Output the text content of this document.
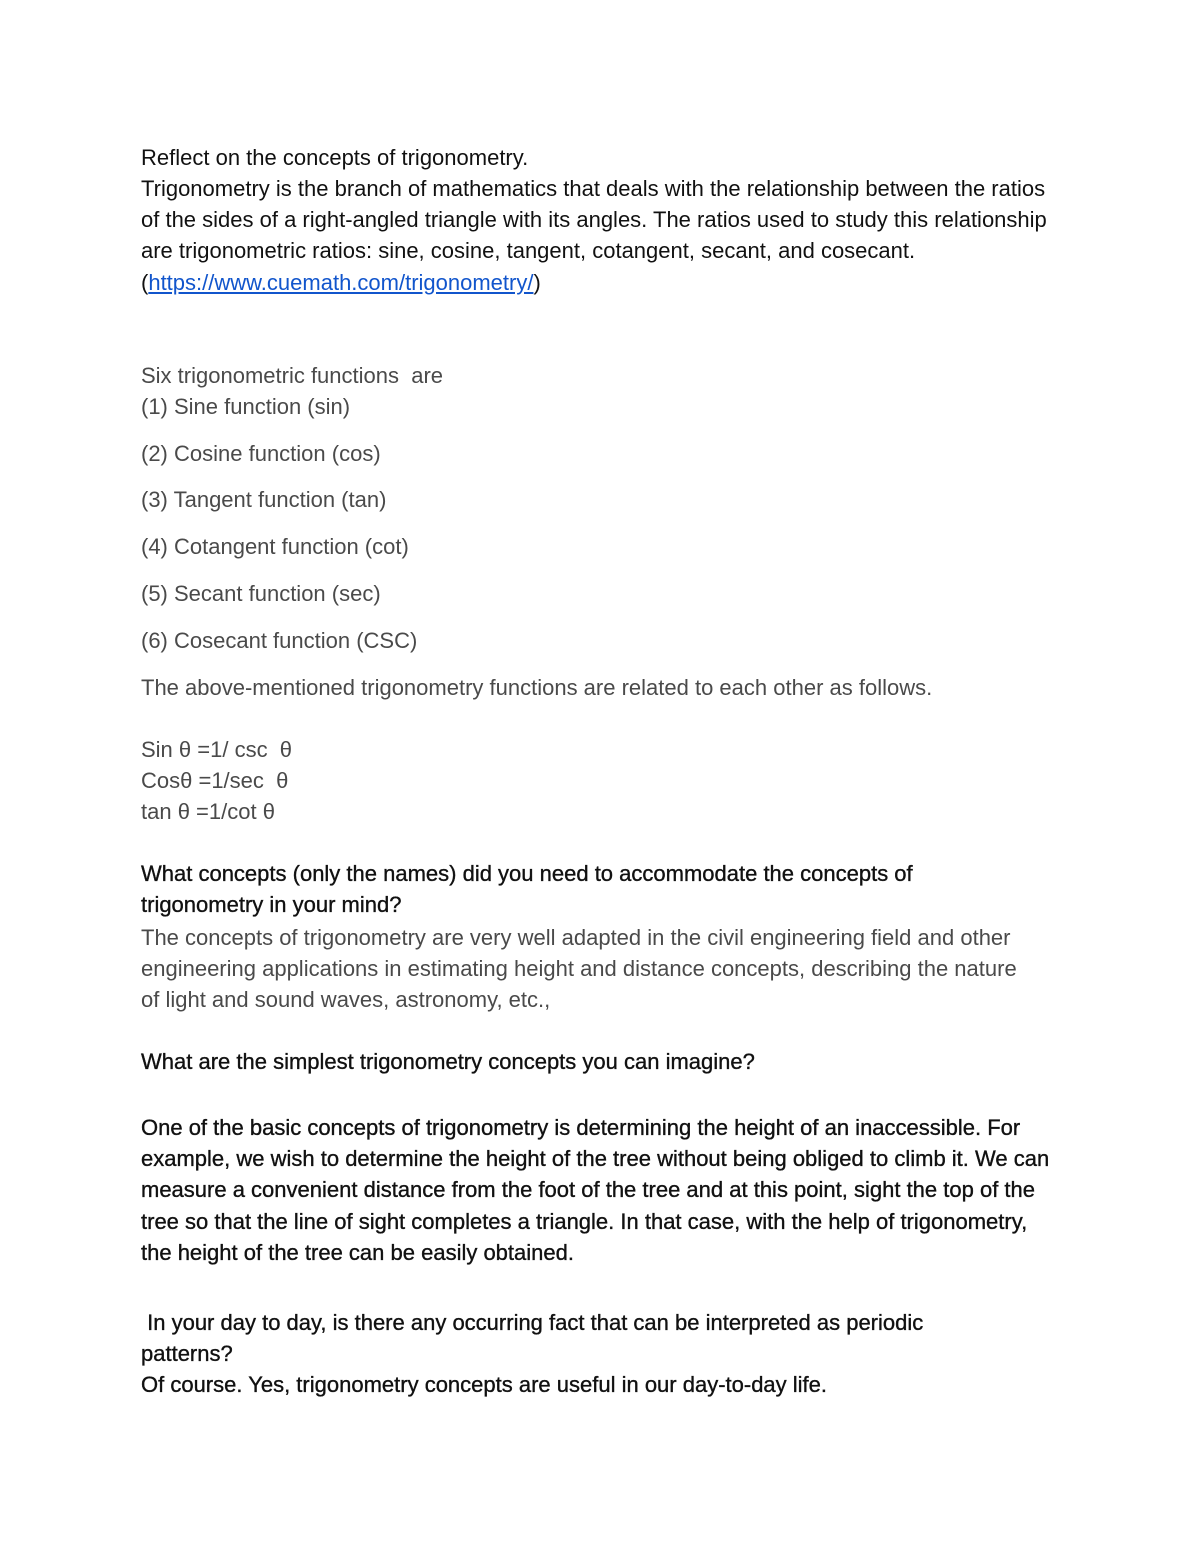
Reflect on the concepts of trigonometry.

Trigonometry is the branch of mathematics that deals with the relationship between the ratios of the sides of a right-angled triangle with its angles. The ratios used to study this relationship are trigonometric ratios: sine, cosine, tangent, cotangent, secant, and cosecant. (https://www.cuemath.com/trigonometry/)

Six trigonometric functions  are

(1) Sine function (sin)

(2) Cosine function (cos)

(3) Tangent function (tan)

(4) Cotangent function (cot)

(5) Secant function (sec)

(6) Cosecant function (CSC)

The above-mentioned trigonometry functions are related to each other as follows.

Sin θ =1/ csc  θ

Cosθ =1/sec  θ

tan θ =1/cot θ

What concepts (only the names) did you need to accommodate the concepts of trigonometry in your mind?

The concepts of trigonometry are very well adapted in the civil engineering field and other engineering applications in estimating height and distance concepts, describing the nature of light and sound waves, astronomy, etc.,

What are the simplest trigonometry concepts you can imagine?

One of the basic concepts of trigonometry is determining the height of an inaccessible. For example, we wish to determine the height of the tree without being obliged to climb it. We can measure a convenient distance from the foot of the tree and at this point, sight the top of the tree so that the line of sight completes a triangle. In that case, with the help of trigonometry, the height of the tree can be easily obtained.

In your day to day, is there any occurring fact that can be interpreted as periodic patterns?

Of course. Yes, trigonometry concepts are useful in our day-to-day life.
